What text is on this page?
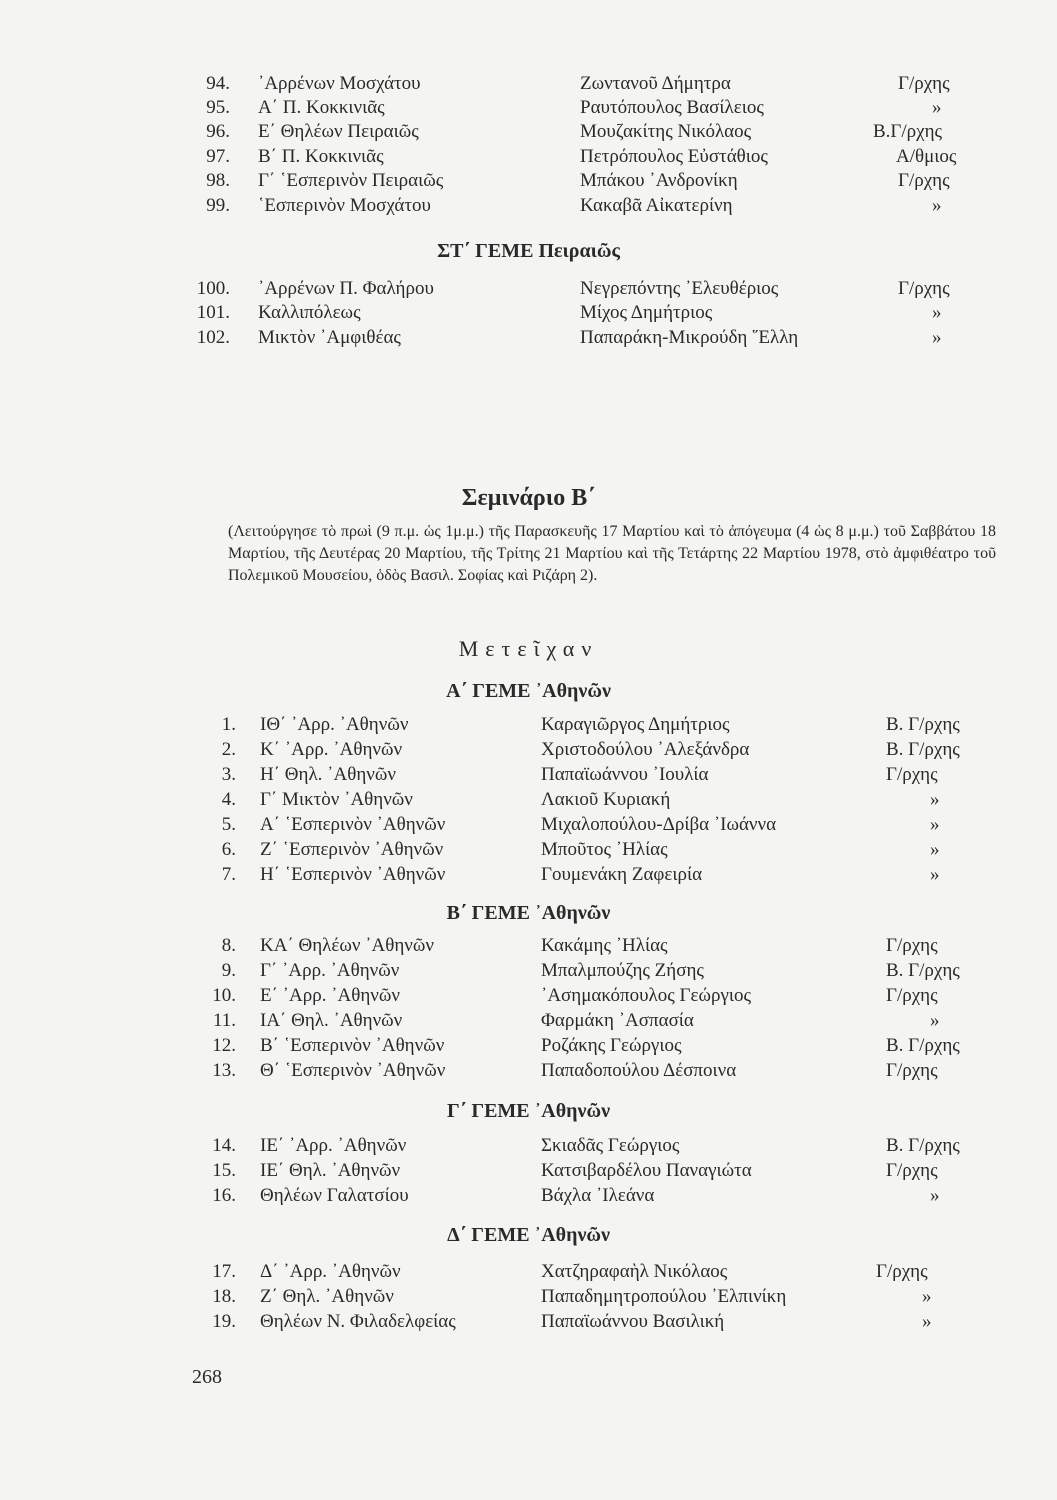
94. ᾿Αρρένων Μοσχάτου	Ζωντανοῦ Δήμητρα	Γ/ρχης
95. Α΄ Π. Κοκκινιᾶς	Ραυτόπουλος Βασίλειος	»
96. Ε΄ Θηλέων Πειραιῶς	Μουζακίτης Νικόλαος	Β.Γ/ρχης
97. Β΄ Π. Κοκκινιᾶς	Πετρόπουλος Εὐστάθιος	Α/θμιος
98. Γ΄ ῾Εσπερινὸν Πειραιῶς	Μπάκου ᾿Ανδρονίκη	Γ/ρχης
99. ῾Εσπερινὸν Μοσχάτου	Κακαβᾶ Αἰκατερίνη	»
ΣΤ΄ ΓΕΜΕ Πειραιῶς
100. ᾿Αρρένων Π. Φαλήρου	Νεγρεπόντης ᾿Ελευθέριος	Γ/ρχης
101. Καλλιπόλεως	Μίχος Δημήτριος	»
102. Μικτὸν ᾿Αμφιθέας	Παπαράκη-Μικρούδη ῞Ελλη	»
Σεμινάριο Β΄
(Λειτούργησε τὸ πρωὶ (9 π.μ. ὡς 1μ.μ.) τῆς Παρασκευῆς 17 Μαρτίου καὶ τὸ ἀπόγευμα (4 ὡς 8 μ.μ.) τοῦ Σαββάτου 18 Μαρτίου, τῆς Δευτέρας 20 Μαρτίου, τῆς Τρίτης 21 Μαρτίου καὶ τῆς Τετάρτης 22 Μαρτίου 1978, στὸ ἀμφιθέατρο τοῦ Πολεμικοῦ Μουσείου, ὁδὸς Βασιλ. Σοφίας καὶ Ριζάρη 2).
Μετεῖχαν
Α΄ ΓΕΜΕ ᾿Αθηνῶν
1. ΙΘ΄ ᾿Αρρ. ᾿Αθηνῶν	Καραγιῶργος Δημήτριος	Β. Γ/ρχης
2. Κ΄ ᾿Αρρ. ᾿Αθηνῶν	Χριστοδούλου ᾿Αλεξάνδρα	Β. Γ/ρχης
3. Η΄ Θηλ. ᾿Αθηνῶν	Παπαϊωάννου ᾿Ιουλία	Γ/ρχης
4. Γ΄ Μικτὸν ᾿Αθηνῶν	Λακιοῦ Κυριακή	»
5. Α΄ ῾Εσπερινὸν ᾿Αθηνῶν	Μιχαλοπούλου-Δρίβα ᾿Ιωάννα	»
6. Ζ΄ ῾Εσπερινὸν ᾿Αθηνῶν	Μποῦτος ᾿Ηλίας	»
7. Η΄ ῾Εσπερινὸν ᾿Αθηνῶν	Γουμενάκη Ζαφειρία	»
Β΄ ΓΕΜΕ ᾿Αθηνῶν
8. ΚΑ΄ Θηλέων ᾿Αθηνῶν	Κακάμης ᾿Ηλίας	Γ/ρχης
9. Γ΄ ᾿Αρρ. ᾿Αθηνῶν	Μπαλμπούζης Ζήσης	Β. Γ/ρχης
10. Ε΄ ᾿Αρρ. ᾿Αθηνῶν	᾿Ασημακόπουλος Γεώργιος	Γ/ρχης
11. ΙΑ΄ Θηλ. ᾿Αθηνῶν	Φαρμάκη ᾿Ασπασία	»
12. Β΄ ῾Εσπερινὸν ᾿Αθηνῶν	Ροζάκης Γεώργιος	Β. Γ/ρχης
13. Θ΄ ῾Εσπερινὸν ᾿Αθηνῶν	Παπαδοπούλου Δέσποινα	Γ/ρχης
Γ΄ ΓΕΜΕ ᾿Αθηνῶν
14. ΙΕ΄ ᾿Αρρ. ᾿Αθηνῶν	Σκιαδᾶς Γεώργιος	Β. Γ/ρχης
15. ΙΕ΄ Θηλ. ᾿Αθηνῶν	Κατσιβαρδέλου Παναγιώτα	Γ/ρχης
16. Θηλέων Γαλατσίου	Βάχλα ᾿Ιλεάνα	»
Δ΄ ΓΕΜΕ ᾿Αθηνῶν
17. Δ΄ ᾿Αρρ. ᾿Αθηνῶν	Χατζηραφαὴλ Νικόλαος	Γ/ρχης
18. Ζ΄ Θηλ. ᾿Αθηνῶν	Παπαδημητροπούλου ᾿Ελπινίκη	»
19. Θηλέων Ν. Φιλαδελφείας	Παπαϊωάννου Βασιλική	»
268
